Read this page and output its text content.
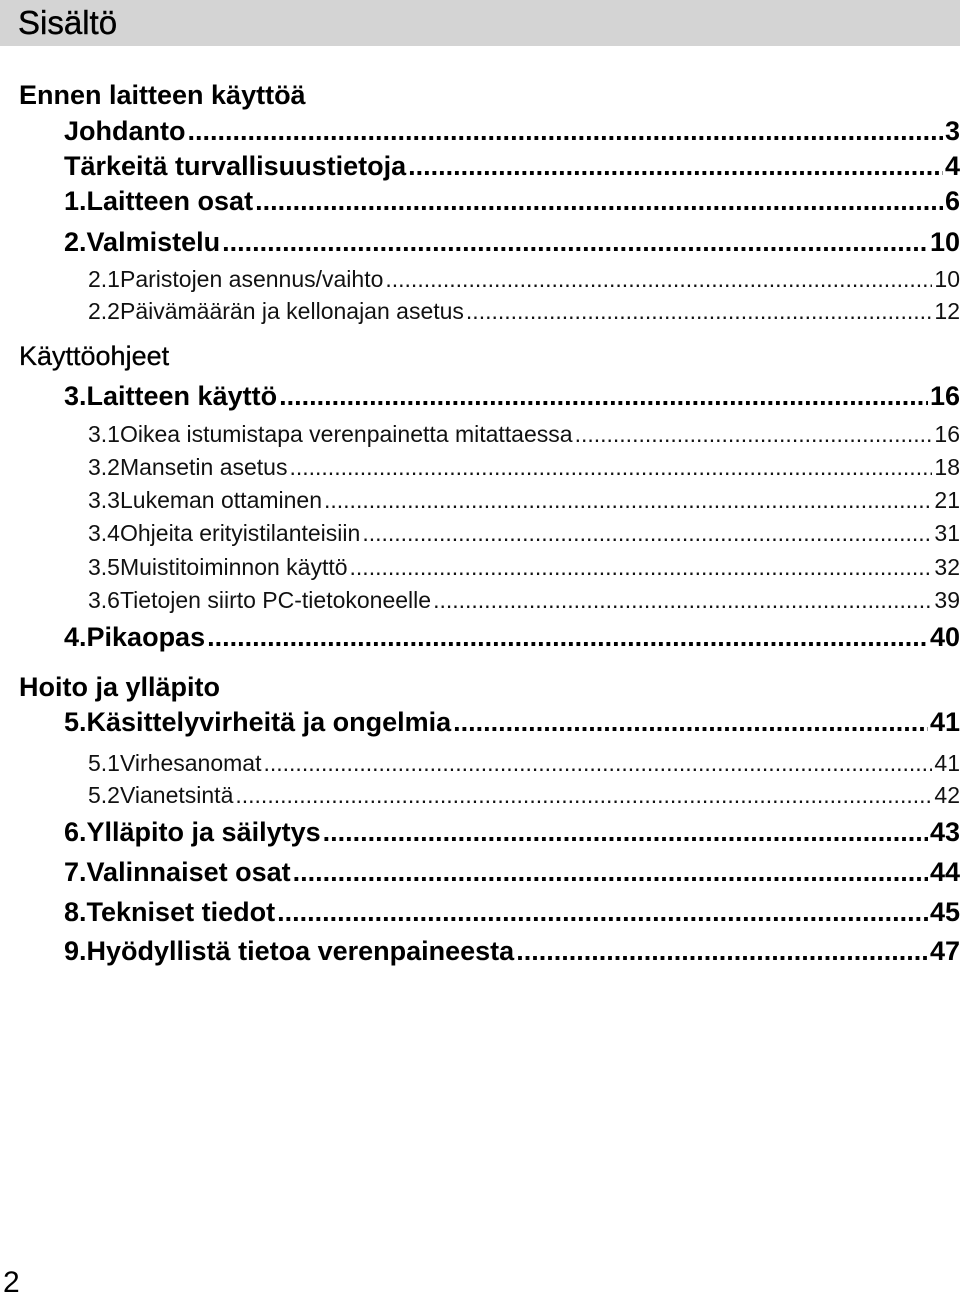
Sisältö
Ennen laitteen käyttöä
Johdanto .....	3
Tärkeitä turvallisuustietoja .....	4
1. Laitteen osat .....	6
2. Valmistelu .....	10
2.1 Paristojen asennus/vaihto .....	10
2.2 Päivämäärän ja kellonajan asetus .....	12
Käyttöohjeet
3. Laitteen käyttö .....	16
3.1 Oikea istumistapa verenpainetta mitattaessa .....	16
3.2 Mansetin asetus .....	18
3.3 Lukeman ottaminen .....	21
3.4 Ohjeita erityistilanteisiin .....	31
3.5 Muistitoiminnon käyttö .....	32
3.6 Tietojen siirto PC-tietokoneelle .....	39
4. Pikaopas .....	40
Hoito ja ylläpito
5. Käsittelyvirheitä ja ongelmia .....	41
5.1 Virhesanomat .....	41
5.2 Vianetsintä .....	42
6. Ylläpito ja säilytys .....	43
7. Valinnaiset osat .....	44
8. Tekniset tiedot .....	45
9. Hyödyllistä tietoa verenpaineesta .....	47
2
